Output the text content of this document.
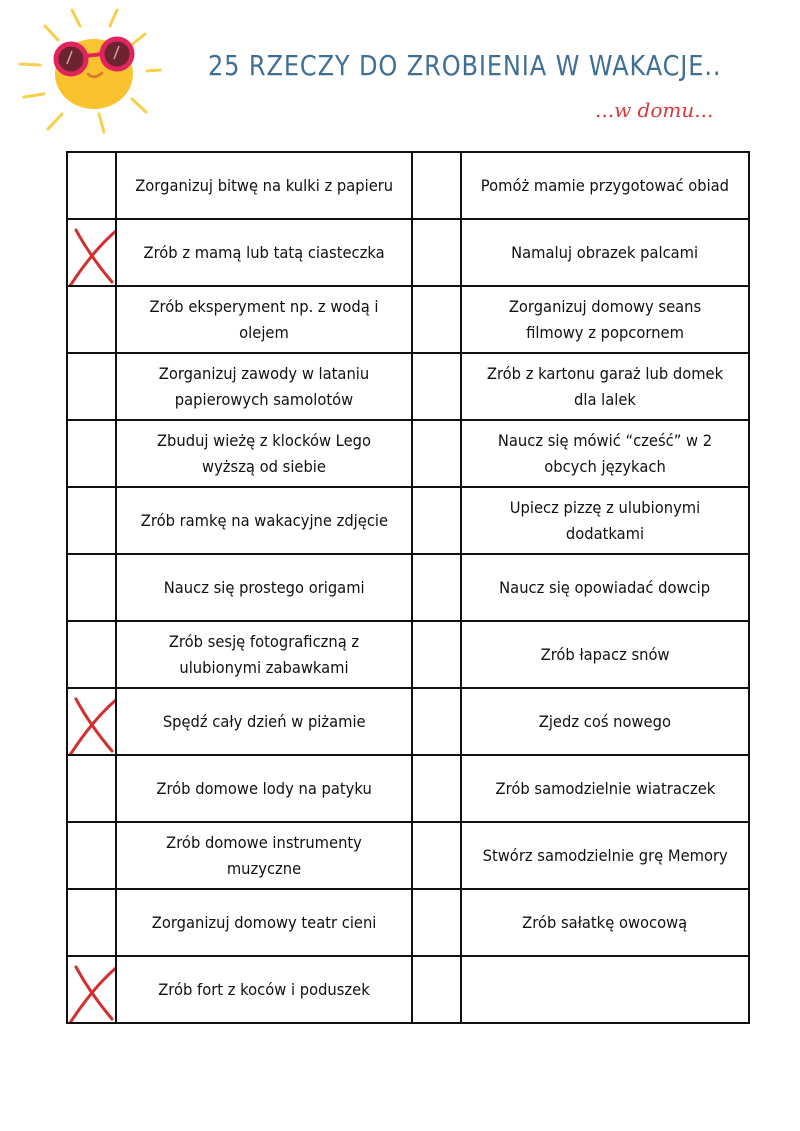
25 RZECZY DO ZROBIENIA W WAKACJE..
...w domu...
	Zorganizuj bitwę na kulki z papieru		Pomóż mamie przygotować obiad

	Zrób z mamą lub tatą ciasteczka		Namaluj obrazek palcami
	Zrób eksperyment np. z wodą i olejem		Zorganizuj domowy seans filmowy z popcornem
	Zorganizuj zawody w lataniu papierowych samolotów		Zrób z kartonu garaż lub domek dla lalek
	Zbuduj wieżę z klocków Lego wyższą od siebie		Naucz się mówić “cześć” w 2 obcych językach
	Zrób ramkę na wakacyjne zdjęcie		Upiecz pizzę z ulubionymi dodatkami
	Naucz się prostego origami		Naucz się opowiadać dowcip
	Zrób sesję fotograficzną z ulubionymi zabawkami		Zrób łapacz snów

	Spędź cały dzień w piżamie		Zjedz coś nowego
	Zrób domowe lody na patyku		Zrób samodzielnie wiatraczek
	Zrób domowe instrumenty muzyczne		Stwórz samodzielnie grę Memory
	Zorganizuj domowy teatr cieni		Zrób sałatkę owocową

	Zrób fort z koców i poduszek		
